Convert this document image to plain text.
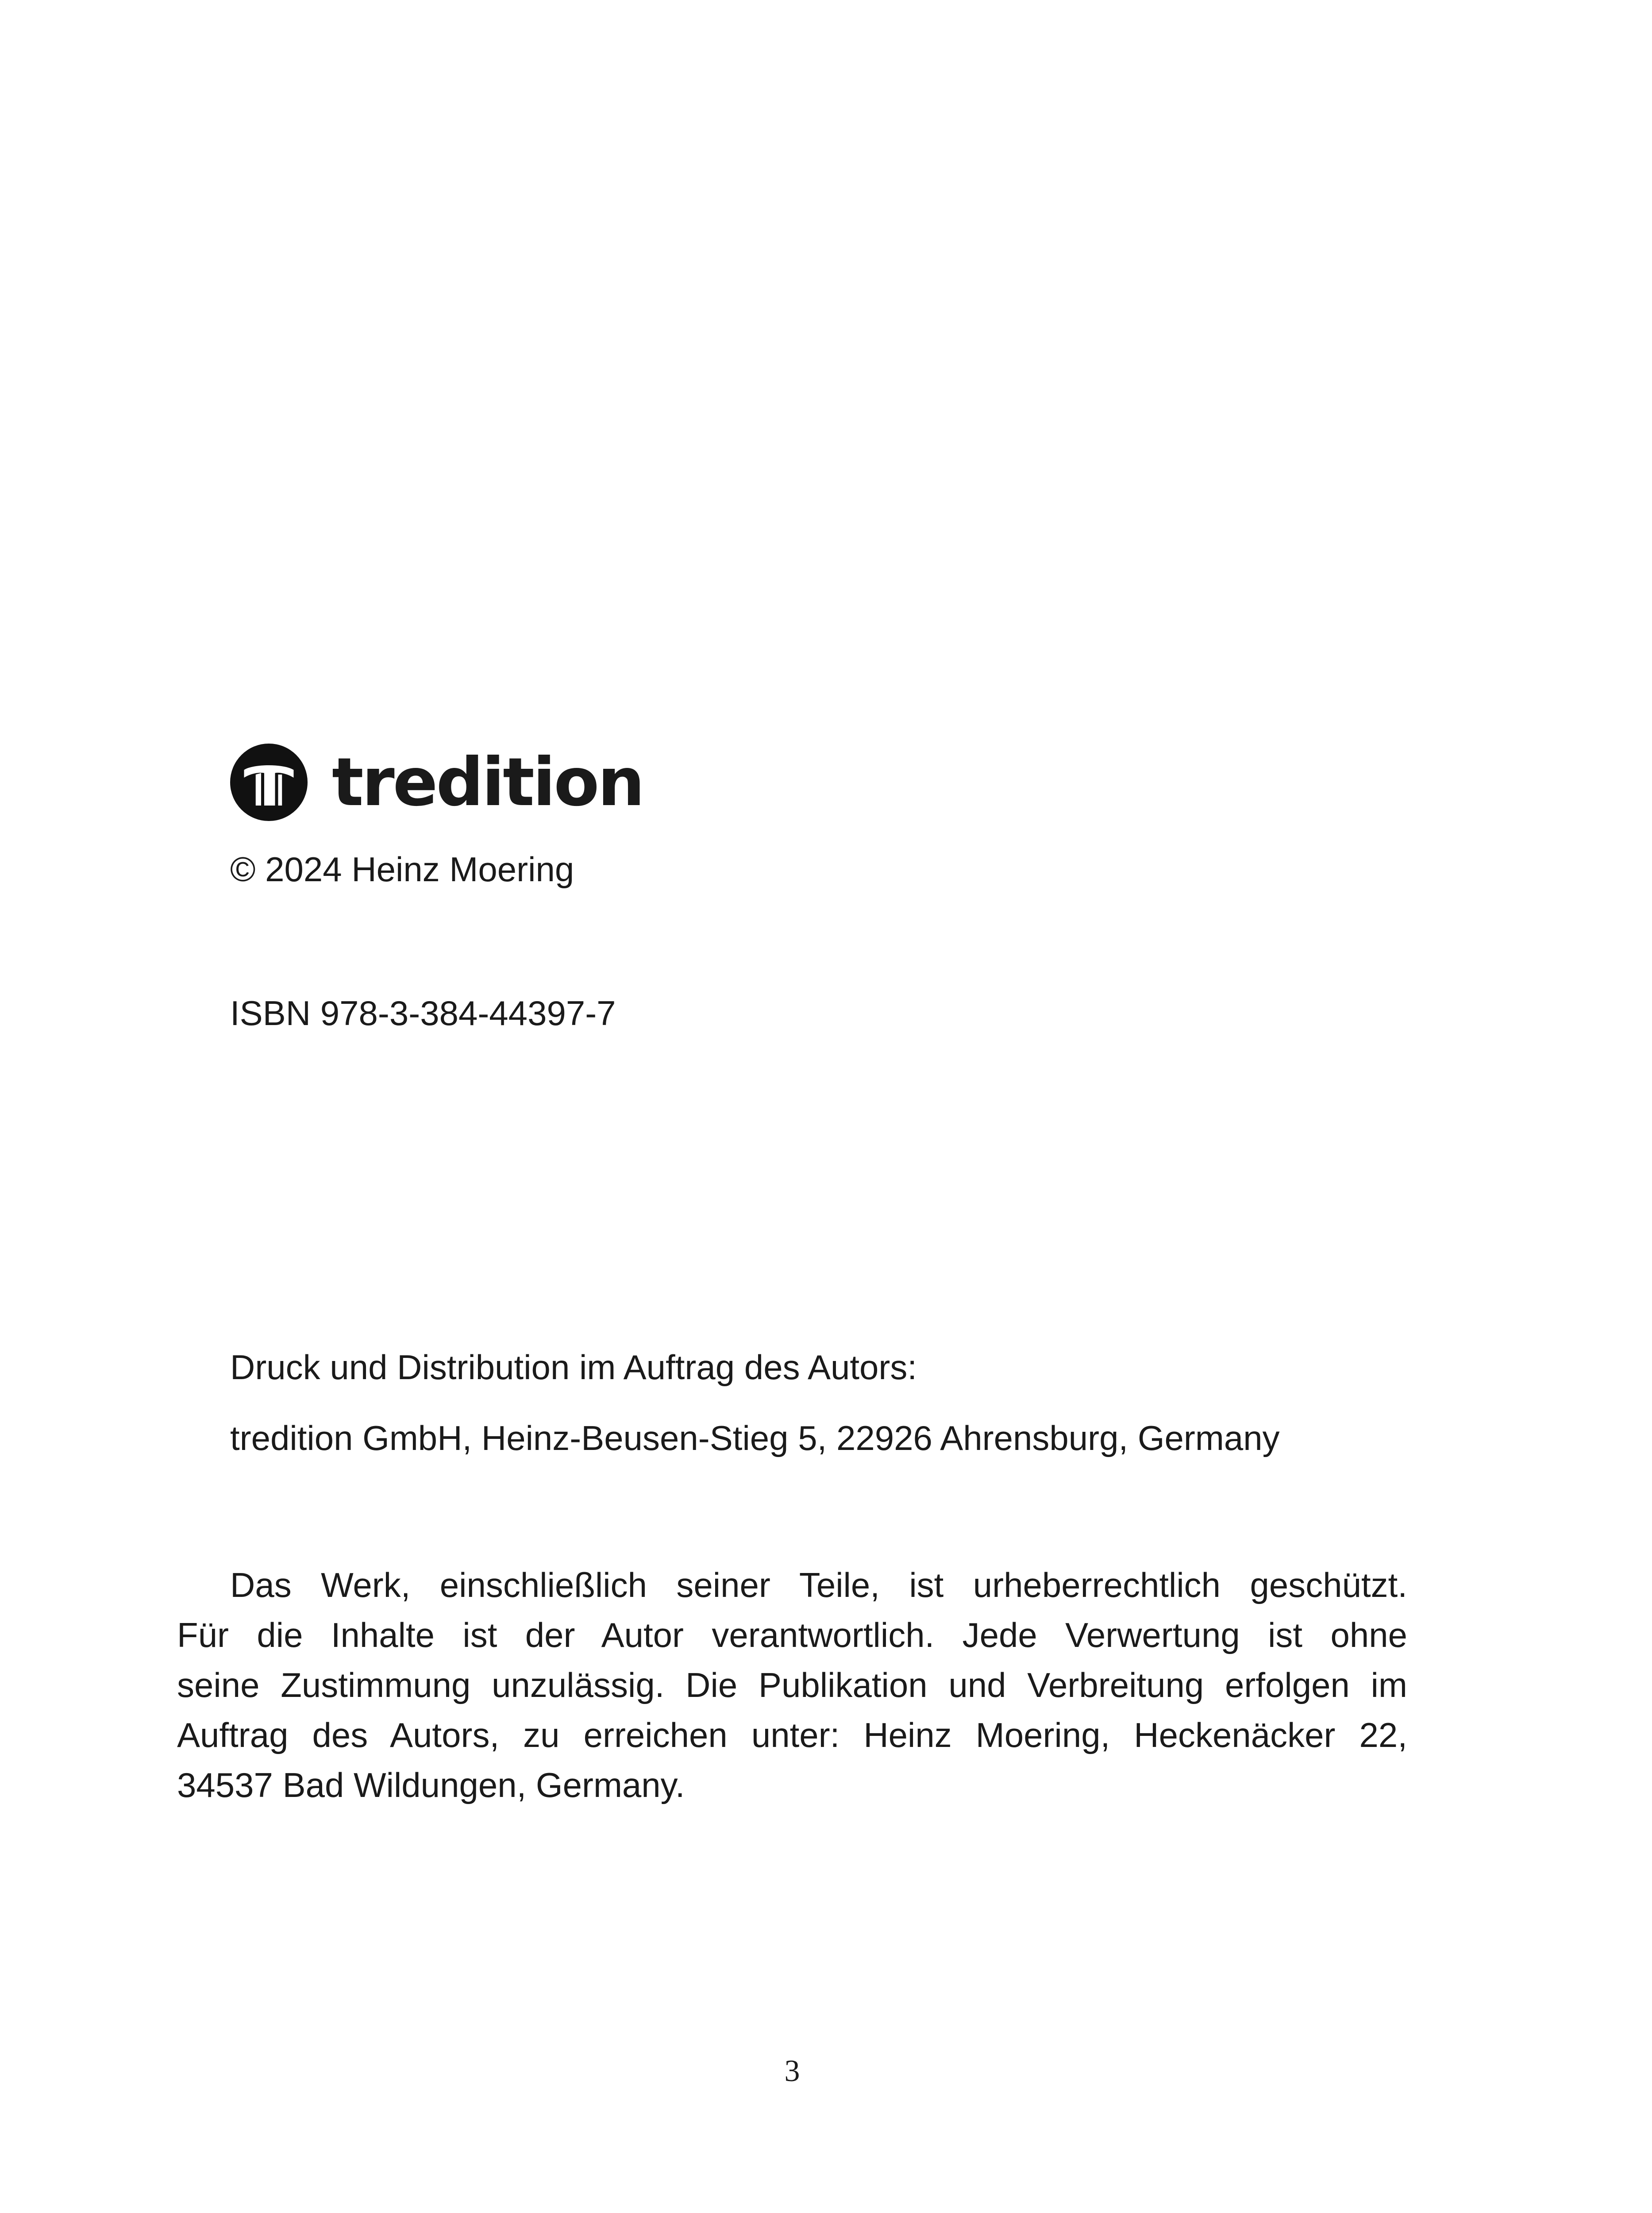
tredition
© 2024 Heinz Moering
ISBN 978-3-384-44397-7
Druck und Distribution im Auftrag des Autors:
tredition GmbH, Heinz-Beusen-Stieg 5, 22926 Ahrensburg, Germany
Das Werk, einschließlich seiner Teile, ist urheberrechtlich geschützt.
Für die Inhalte ist der Autor verantwortlich. Jede Verwertung ist ohne
seine Zustimmung unzulässig. Die Publikation und Verbreitung erfolgen im
Auftrag des Autors, zu erreichen unter: Heinz Moering, Heckenäcker 22,
34537 Bad Wildungen, Germany.
3
